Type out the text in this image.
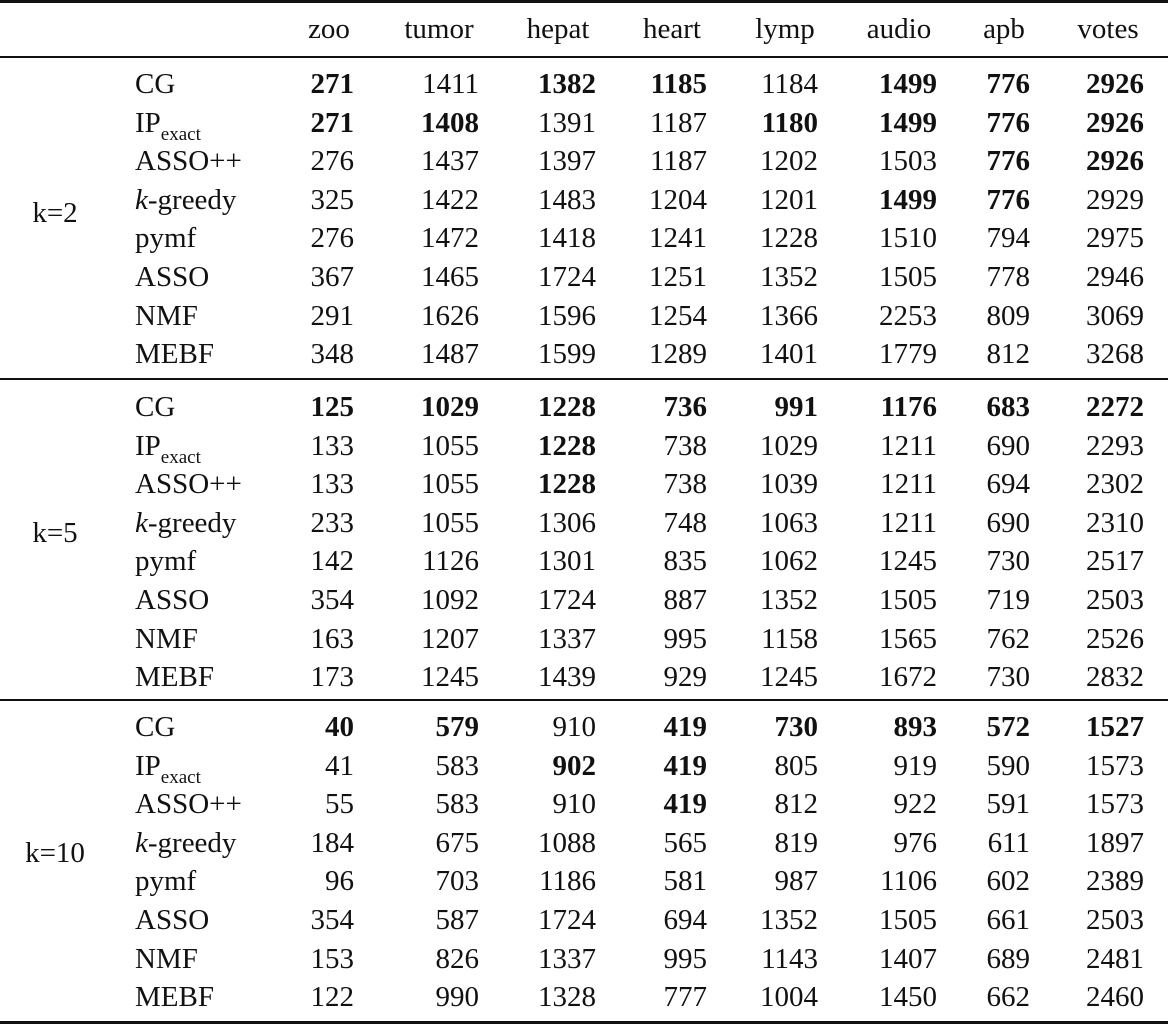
zoo	tumor	hepat	heart	lymp	audio	apb	votes
k=2
CG	271	1411	1382	1185	1184	1499	776	2926
$IP_{exact}$	271	1408	1391	1187	1180	1499	776	2926
ASSO++	276	1437	1397	1187	1202	1503	776	2926
k-greedy	325	1422	1483	1204	1201	1499	776	2929
pymf	276	1472	1418	1241	1228	1510	794	2975
ASSO	367	1465	1724	1251	1352	1505	778	2946
NMF	291	1626	1596	1254	1366	2253	809	3069
MEBF	348	1487	1599	1289	1401	1779	812	3268
k=5
CG	125	1029	1228	736	991	1176	683	2272
$IP_{exact}$	133	1055	1228	738	1029	1211	690	2293
ASSO++	133	1055	1228	738	1039	1211	694	2302
k-greedy	233	1055	1306	748	1063	1211	690	2310
pymf	142	1126	1301	835	1062	1245	730	2517
ASSO	354	1092	1724	887	1352	1505	719	2503
NMF	163	1207	1337	995	1158	1565	762	2526
MEBF	173	1245	1439	929	1245	1672	730	2832
k=10
CG	40	579	910	419	730	893	572	1527
$IP_{exact}$	41	583	902	419	805	919	590	1573
ASSO++	55	583	910	419	812	922	591	1573
k-greedy	184	675	1088	565	819	976	611	1897
pymf	96	703	1186	581	987	1106	602	2389
ASSO	354	587	1724	694	1352	1505	661	2503
NMF	153	826	1337	995	1143	1407	689	2481
MEBF	122	990	1328	777	1004	1450	662	2460
